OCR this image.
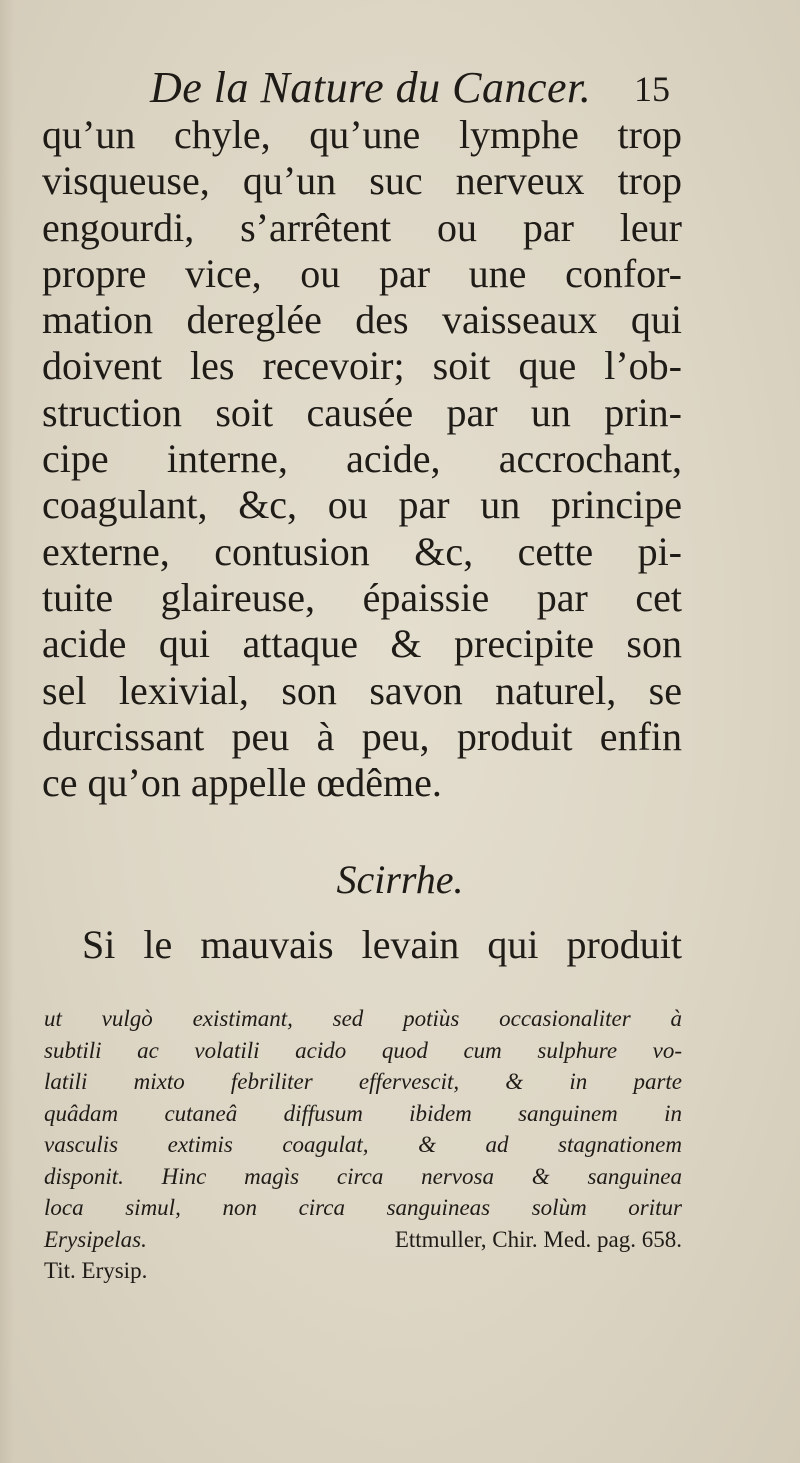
De la Nature du Cancer. 15
qu’un chyle, qu’une lymphe trop
visqueuse, qu’un suc nerveux trop
engourdi, s’arrêtent ou par leur
propre vice, ou par une confor-
mation dereglée des vaisseaux qui
doivent les recevoir; soit que l’ob-
struction soit causée par un prin-
cipe interne, acide, accrochant,
coagulant, &c, ou par un principe
externe, contusion &c, cette pi-
tuite glaireuse, épaissie par cet
acide qui attaque & precipite son
sel lexivial, son savon naturel, se
durcissant peu à peu, produit enfin
ce qu’on appelle œdême.
Scirrhe.
Si le mauvais levain qui produit
ut vulgò existimant, sed potiùs occasionaliter à
subtili ac volatili acido quod cum sulphure vo-
latili mixto febriliter effervescit, & in parte
quâdam cutaneâ diffusum ibidem sanguinem in
vasculis extimis coagulat, & ad stagnationem
disponit. Hinc magìs circa nervosa & sanguinea
loca simul, non circa sanguineas solùm oritur
Erysipelas.	Ettmuller, Chir. Med. pag. 658.
Tit. Erysip.
